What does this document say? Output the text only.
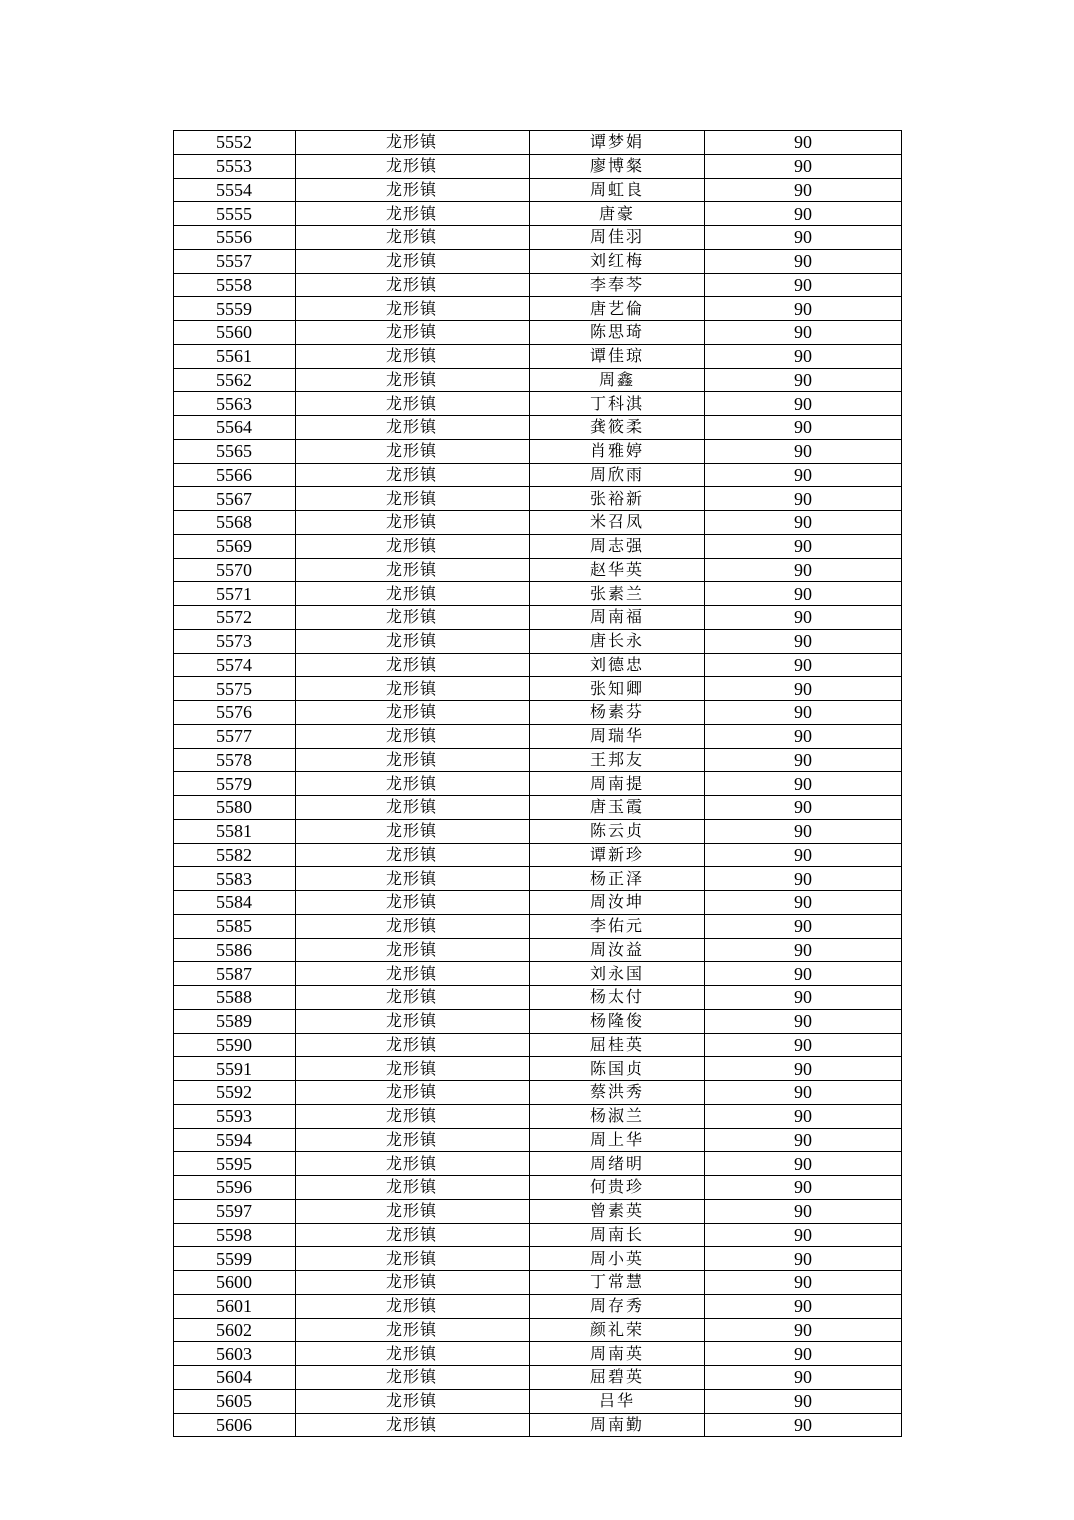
5552	龙形镇	谭梦娟	90
5553	龙形镇	廖博粲	90
5554	龙形镇	周虹良	90
5555	龙形镇	唐豪	90
5556	龙形镇	周佳羽	90
5557	龙形镇	刘红梅	90
5558	龙形镇	李奉芩	90
5559	龙形镇	唐艺倫	90
5560	龙形镇	陈思琦	90
5561	龙形镇	谭佳琼	90
5562	龙形镇	周鑫	90
5563	龙形镇	丁科淇	90
5564	龙形镇	龚筱柔	90
5565	龙形镇	肖雅婷	90
5566	龙形镇	周欣雨	90
5567	龙形镇	张裕新	90
5568	龙形镇	米召凤	90
5569	龙形镇	周志强	90
5570	龙形镇	赵华英	90
5571	龙形镇	张素兰	90
5572	龙形镇	周南福	90
5573	龙形镇	唐长永	90
5574	龙形镇	刘德忠	90
5575	龙形镇	张知卿	90
5576	龙形镇	杨素芬	90
5577	龙形镇	周瑞华	90
5578	龙形镇	王邦友	90
5579	龙形镇	周南提	90
5580	龙形镇	唐玉霞	90
5581	龙形镇	陈云贞	90
5582	龙形镇	谭新珍	90
5583	龙形镇	杨正泽	90
5584	龙形镇	周汝坤	90
5585	龙形镇	李佑元	90
5586	龙形镇	周汝益	90
5587	龙形镇	刘永国	90
5588	龙形镇	杨太付	90
5589	龙形镇	杨隆俊	90
5590	龙形镇	屈桂英	90
5591	龙形镇	陈国贞	90
5592	龙形镇	蔡洪秀	90
5593	龙形镇	杨淑兰	90
5594	龙形镇	周上华	90
5595	龙形镇	周绪明	90
5596	龙形镇	何贵珍	90
5597	龙形镇	曾素英	90
5598	龙形镇	周南长	90
5599	龙形镇	周小英	90
5600	龙形镇	丁常慧	90
5601	龙形镇	周存秀	90
5602	龙形镇	颜礼荣	90
5603	龙形镇	周南英	90
5604	龙形镇	屈碧英	90
5605	龙形镇	吕华	90
5606	龙形镇	周南勤	90
